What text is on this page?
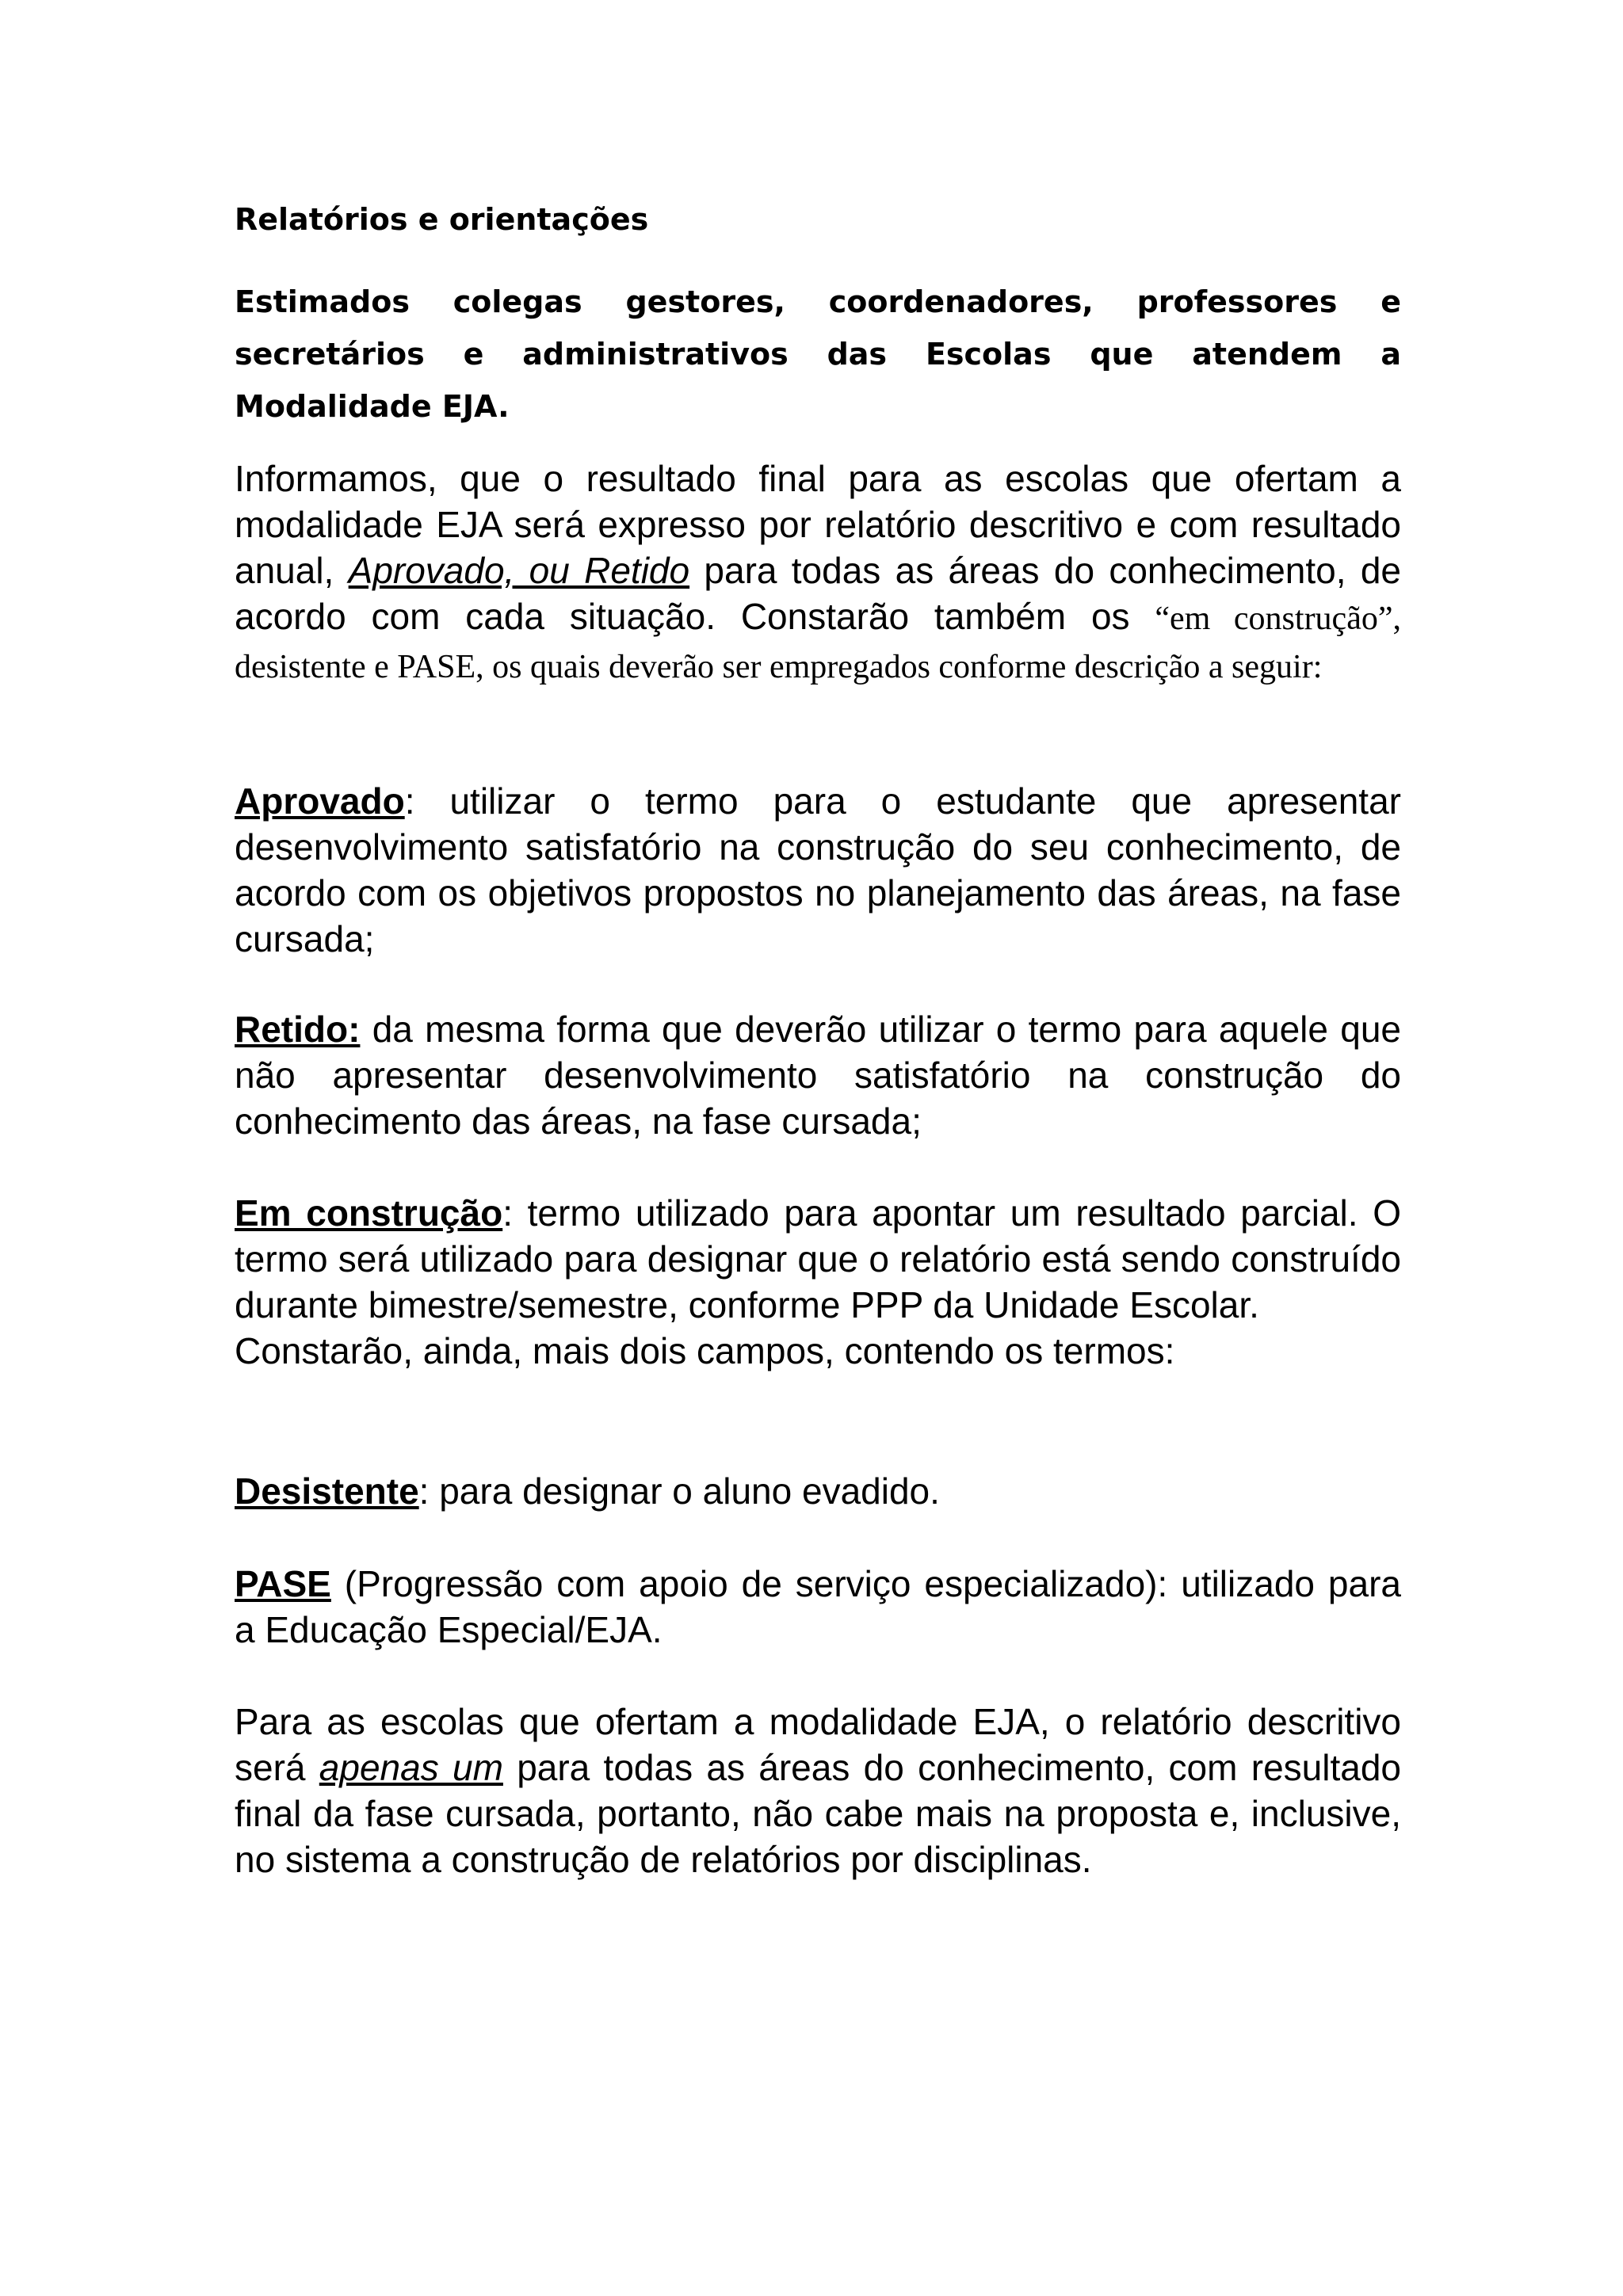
Relatórios e orientações

Estimados colegas gestores, coordenadores, professores e secretários e administrativos das Escolas que atendem a Modalidade EJA.

Informamos, que o resultado final para as escolas que ofertam a modalidade EJA será expresso por relatório descritivo e com resultado anual, Aprovado, ou Retido para todas as áreas do conhecimento, de acordo com cada situação. Constarão também os “em construção”, desistente e PASE, os quais deverão ser empregados conforme descrição a seguir:

Aprovado: utilizar o termo para o estudante que apresentar desenvolvimento satisfatório na construção do seu conhecimento, de acordo com os objetivos propostos no planejamento das áreas, na fase cursada;

Retido: da mesma forma que deverão utilizar o termo para aquele que não apresentar desenvolvimento satisfatório na construção do conhecimento das áreas, na fase cursada;

Em construção: termo utilizado para apontar um resultado parcial. O termo será utilizado para designar que o relatório está sendo construído durante bimestre/semestre, conforme PPP da Unidade Escolar.
Constarão, ainda, mais dois campos, contendo os termos:

Desistente: para designar o aluno evadido.

PASE (Progressão com apoio de serviço especializado): utilizado para a Educação Especial/EJA.

Para as escolas que ofertam a modalidade EJA, o relatório descritivo será apenas um para todas as áreas do conhecimento, com resultado final da fase cursada, portanto, não cabe mais na proposta e, inclusive, no sistema a construção de relatórios por disciplinas.
